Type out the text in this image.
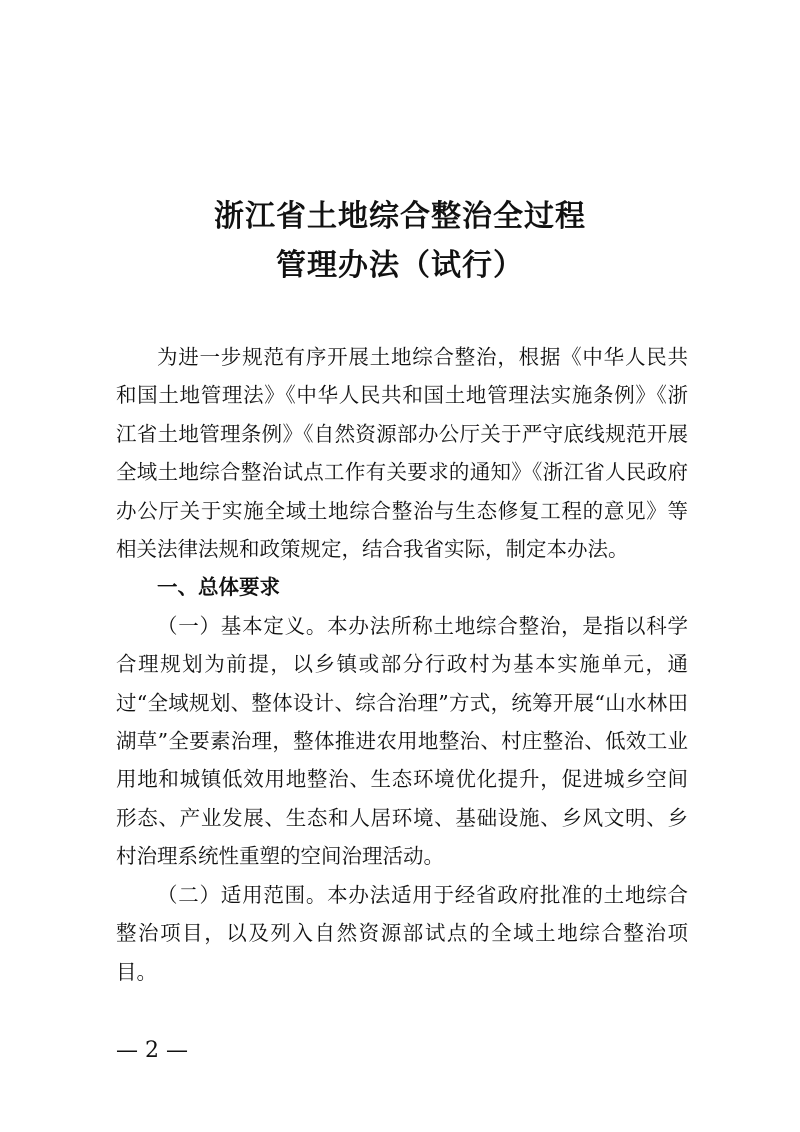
浙江省土地综合整治全过程
管理办法（试行）

为进一步规范有序开展土地综合整治，根据《中华人民共和国土地管理法》《中华人民共和国土地管理法实施条例》《浙江省土地管理条例》《自然资源部办公厅关于严守底线规范开展全域土地综合整治试点工作有关要求的通知》《浙江省人民政府办公厅关于实施全域土地综合整治与生态修复工程的意见》等相关法律法规和政策规定，结合我省实际，制定本办法。

一、总体要求

（一）基本定义。本办法所称土地综合整治，是指以科学合理规划为前提，以乡镇或部分行政村为基本实施单元，通过“全域规划、整体设计、综合治理”方式，统筹开展“山水林田湖草”全要素治理，整体推进农用地整治、村庄整治、低效工业用地和城镇低效用地整治、生态环境优化提升，促进城乡空间形态、产业发展、生态和人居环境、基础设施、乡风文明、乡村治理系统性重塑的空间治理活动。

（二）适用范围。本办法适用于经省政府批准的土地综合整治项目，以及列入自然资源部试点的全域土地综合整治项目。

— 2 —
